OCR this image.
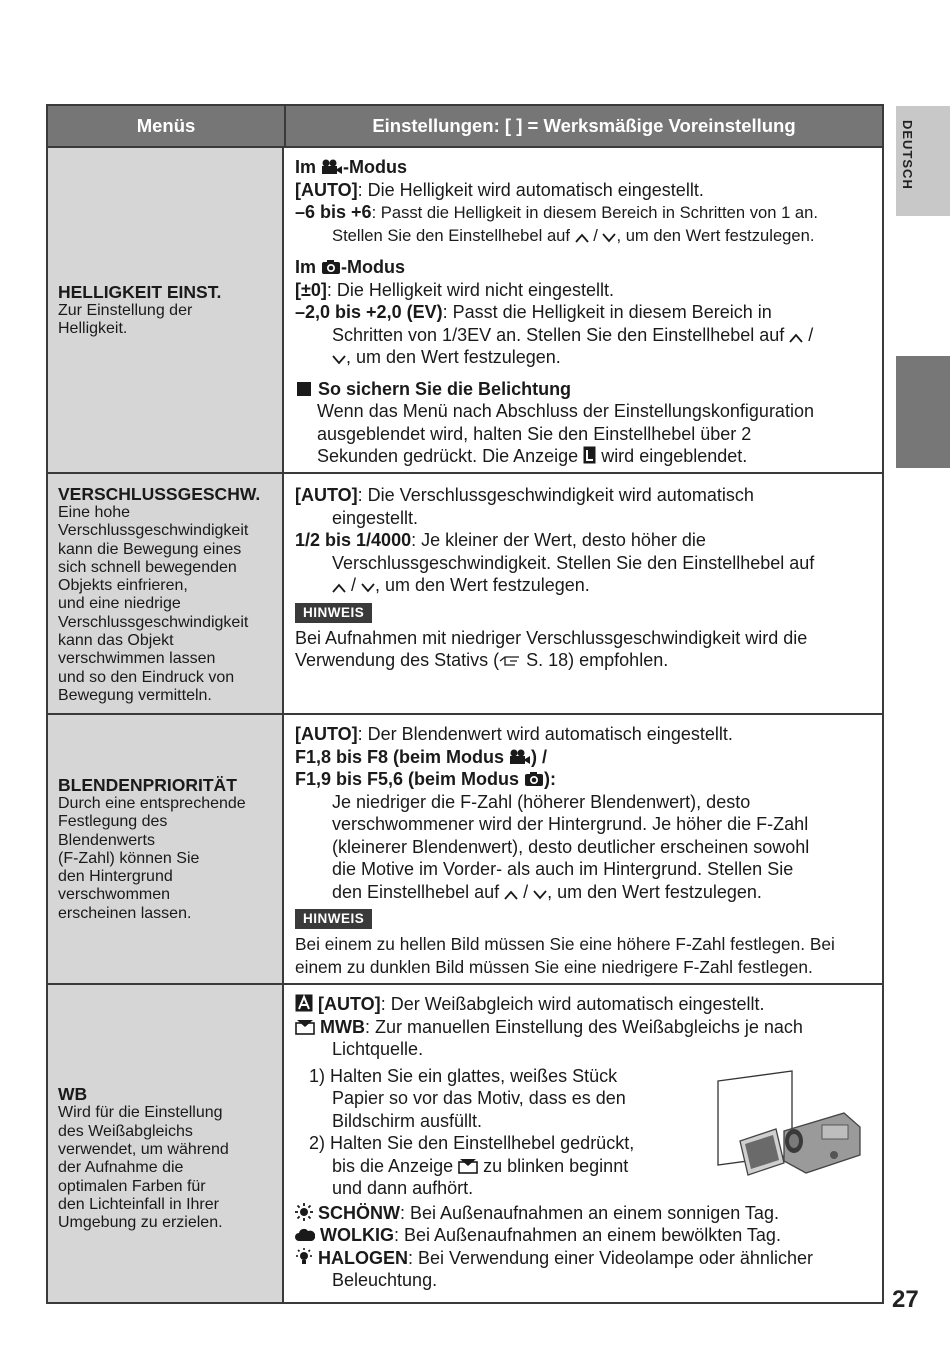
DEUTSCH
27
Menüs	Einstellungen: [ ] = Werksmäßige Voreinstellung
HELLIGKEIT EINST.
Zur Einstellung der
Helligkeit.

Im -Modus

[AUTO]: Die Helligkeit wird automatisch eingestellt.

–6 bis +6: Passt die Helligkeit in diesem Bereich in Schritten von 1 an.

Stellen Sie den Einstellhebel auf  / , um den Wert festzulegen.

Im -Modus

[±0]: Die Helligkeit wird nicht eingestellt.

–2,0 bis +2,0 (EV): Passt die Helligkeit in diesem Bereich in

Schritten von 1/3EV an. Stellen Sie den Einstellhebel auf  /

, um den Wert festzulegen.

So sichern Sie die Belichtung

Wenn das Menü nach Abschluss der Einstellungskonfiguration
ausgeblendet wird, halten Sie den Einstellhebel über 2
Sekunden gedrückt. Die Anzeige  wird eingeblendet.

VERSCHLUSSGESCHW.
Eine hohe
Verschlussgeschwindigkeit
kann die Bewegung eines
sich schnell bewegenden
Objekts einfrieren,
und eine niedrige
Verschlussgeschwindigkeit
kann das Objekt
verschwimmen lassen
und so den Eindruck von
Bewegung vermitteln.

[AUTO]: Die Verschlussgeschwindigkeit wird automatisch

eingestellt.

1/2 bis 1/4000: Je kleiner der Wert, desto höher die

Verschlussgeschwindigkeit. Stellen Sie den Einstellhebel auf

/ , um den Wert festzulegen.

HINWEIS

Bei Aufnahmen mit niedriger Verschlussgeschwindigkeit wird die

Verwendung des Stativs ( S. 18) empfohlen.

BLENDENPRIORITÄT
Durch eine entsprechende
Festlegung des
Blendenwerts
(F-Zahl) können Sie
den Hintergrund
verschwommen
erscheinen lassen.

[AUTO]: Der Blendenwert wird automatisch eingestellt.

F1,8 bis F8 (beim Modus ) /

F1,9 bis F5,6 (beim Modus ):

Je niedriger die F-Zahl (höherer Blendenwert), desto

verschwommener wird der Hintergrund. Je höher die F-Zahl

(kleinerer Blendenwert), desto deutlicher erscheinen sowohl

die Motive im Vorder- als auch im Hintergrund. Stellen Sie

den Einstellhebel auf  / , um den Wert festzulegen.

HINWEIS

Bei einem zu hellen Bild müssen Sie eine höhere F-Zahl festlegen. Bei

einem zu dunklen Bild müssen Sie eine niedrigere F-Zahl festlegen.

WB
Wird für die Einstellung
des Weißabgleichs
verwendet, um während
der Aufnahme die
optimalen Farben für
den Lichteinfall in Ihrer
Umgebung zu erzielen.

[AUTO]: Der Weißabgleich wird automatisch eingestellt.

MWB: Zur manuellen Einstellung des Weißabgleichs je nach

Lichtquelle.

1) Halten Sie ein glattes, weißes Stück

Papier so vor das Motiv, dass es den

Bildschirm ausfüllt.

2) Halten Sie den Einstellhebel gedrückt,

bis die Anzeige  zu blinken beginnt

und dann aufhört.

SCHÖNW: Bei Außenaufnahmen an einem sonnigen Tag.

WOLKIG: Bei Außenaufnahmen an einem bewölkten Tag.

HALOGEN: Bei Verwendung einer Videolampe oder ähnlicher

Beleuchtung.
